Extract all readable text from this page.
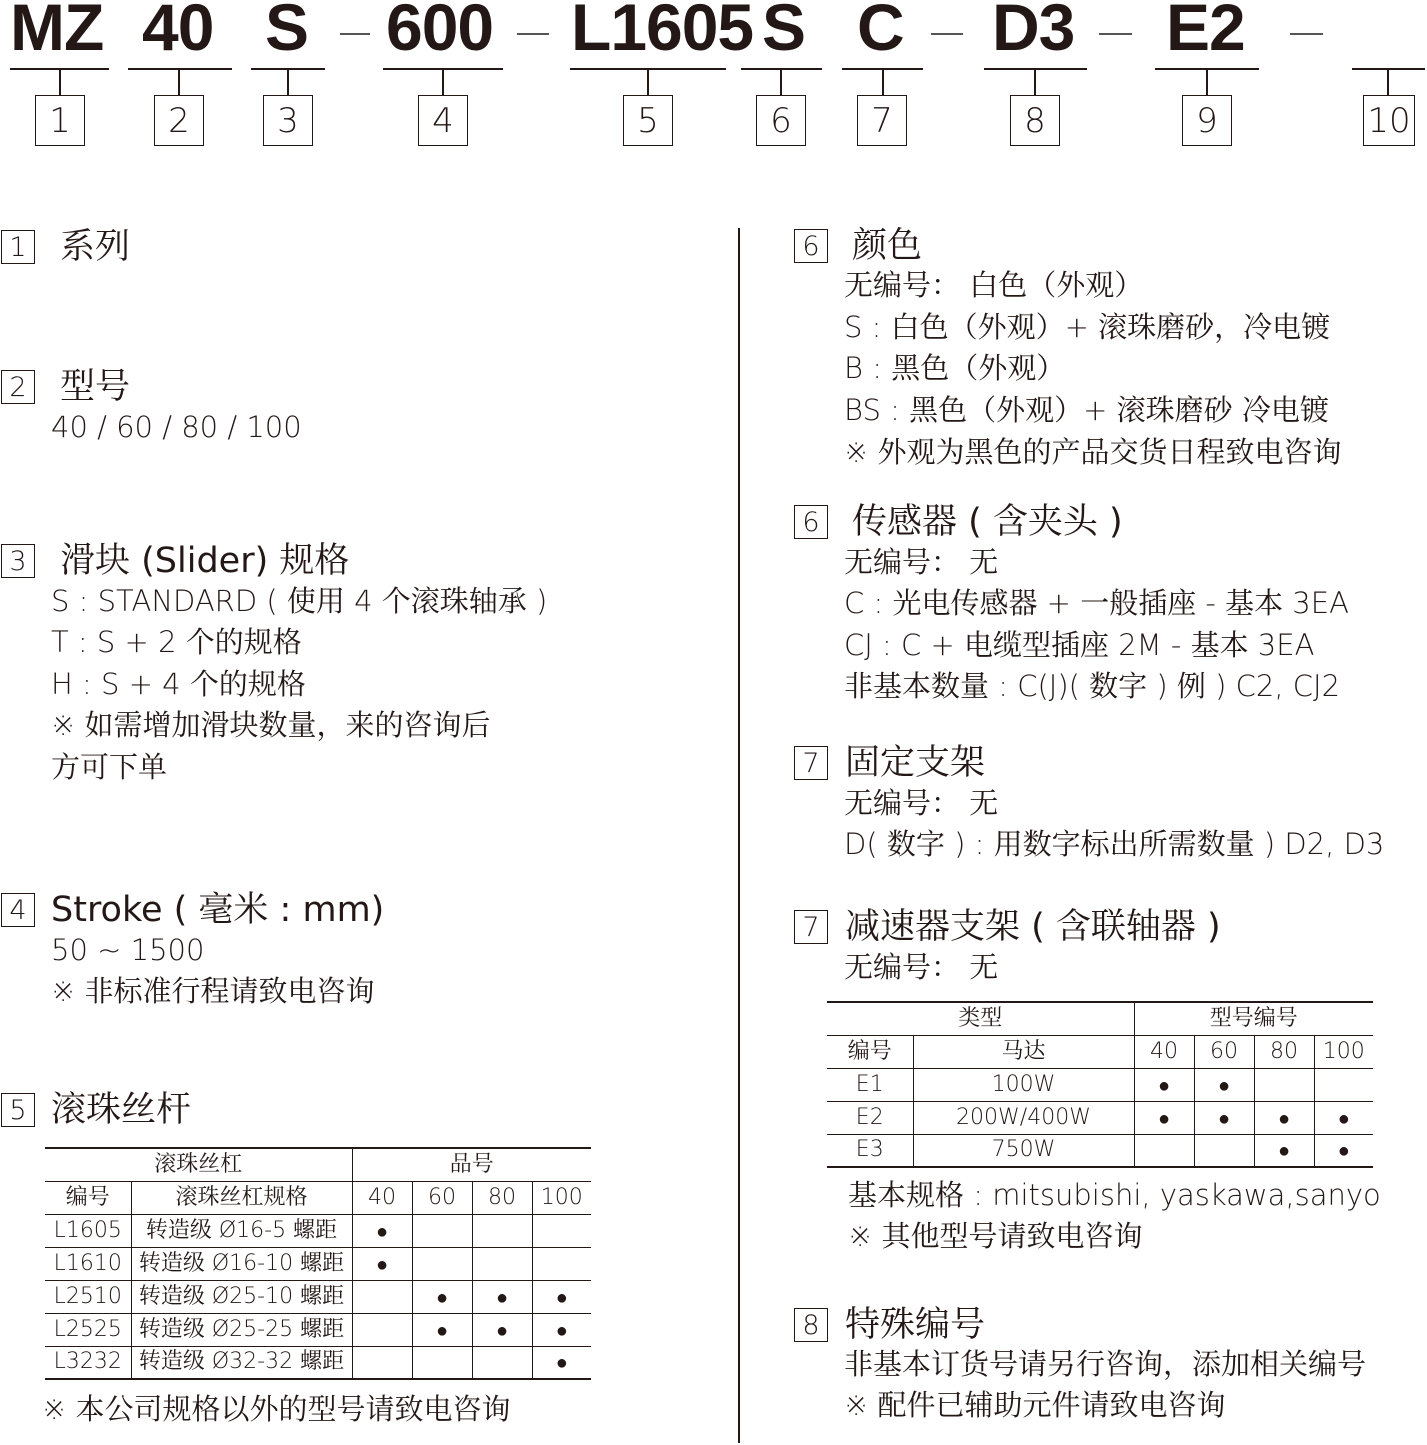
MZ 40 S 600 L1605 S C D3 E2
1	2	3	4	5	6	7	8	9	10
1 系列
2 型号
40 / 60 / 80 / 100
3 滑块 (Slider) 规格
S : STANDARD ( 使用 4 个滚珠轴承 )
T : S + 2 个的规格
H : S + 4 个的规格
※ 如需增加滑块数量，来的咨询后
方可下单
4 Stroke ( 毫米 : mm)
50 ~ 1500
※ 非标准行程请致电咨询
5 滚珠丝杆
滚珠丝杠		品号			
编号	滚珠丝杠规格	40	60	80	100
L1605	转造级 Ø16-5 螺距	●			
L1610	转造级 Ø16-10 螺距	●			
L2510	转造级 Ø25-10 螺距		●	●	●
L2525	转造级 Ø25-25 螺距		●	●	●
L3232	转造级 Ø32-32 螺距				●
※ 本公司规格以外的型号请致电咨询
6 颜色
无编号： 白色（外观）
S : 白色（外观）+ 滚珠磨砂，冷电镀
B : 黑色（外观）
BS : 黑色（外观）+ 滚珠磨砂 冷电镀
※ 外观为黑色的产品交货日程致电咨询
6 传感器 ( 含夹头 )
无编号： 无
C : 光电传感器 + 一般插座 - 基本 3EA
CJ : C + 电缆型插座 2M - 基本 3EA
非基本数量 : C(J)( 数字 ) 例 ) C2, CJ2
7 固定支架
无编号： 无
D( 数字 ) : 用数字标出所需数量 ) D2, D3
7 减速器支架 ( 含联轴器 )
无编号： 无
类型		型号编号			
编号	马达	40	60	80	100
E1	100W	●	●		
E2	200W/400W	●	●	●	●
E3	750W			●	●
基本规格 : mitsubishi, yaskawa,sanyo
※ 其他型号请致电咨询
8 特殊编号
非基本订货号请另行咨询，添加相关编号
※ 配件已辅助元件请致电咨询
